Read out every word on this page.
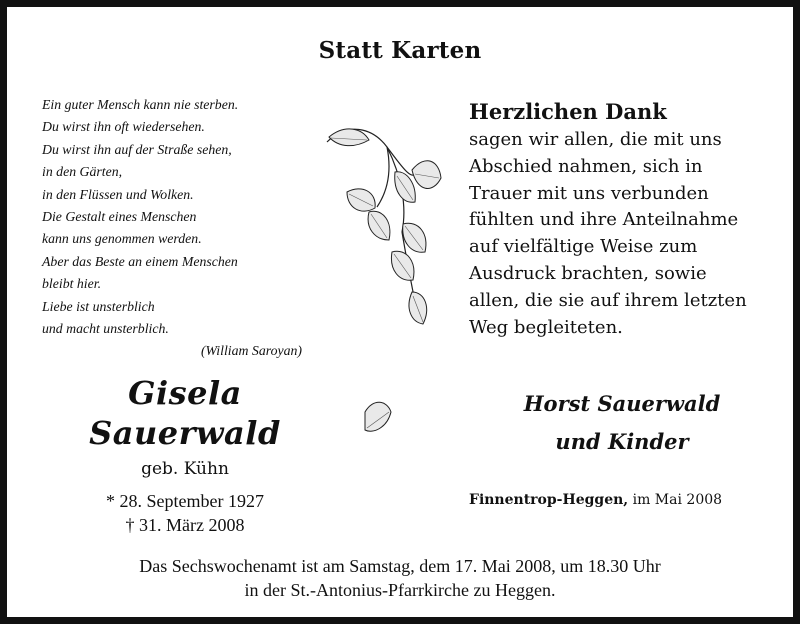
Statt Karten
Ein guter Mensch kann nie sterben.
Du wirst ihn oft wiedersehen.
Du wirst ihn auf der Straße sehen,
in den Gärten,
in den Flüssen und Wolken.
Die Gestalt eines Menschen
kann uns genommen werden.
Aber das Beste an einem Menschen
bleibt hier.
Liebe ist unsterblich
und macht unsterblich.
(William Saroyan)
Herzlichen Dank
sagen wir allen, die mit uns
Abschied nahmen, sich in
Trauer mit uns verbunden
fühlten und ihre Anteilnahme
auf vielfältige Weise zum
Ausdruck brachten, sowie
allen, die sie auf ihrem letzten
Weg begleiteten.
Gisela
Sauerwald
geb. Kühn
* 28. September 1927
† 31. März 2008
Horst Sauerwald
und Kinder
Finnentrop-Heggen, im Mai 2008
Das Sechswochenamt ist am Samstag, dem 17. Mai 2008, um 18.30 Uhr
in der St.-Antonius-Pfarrkirche zu Heggen.
